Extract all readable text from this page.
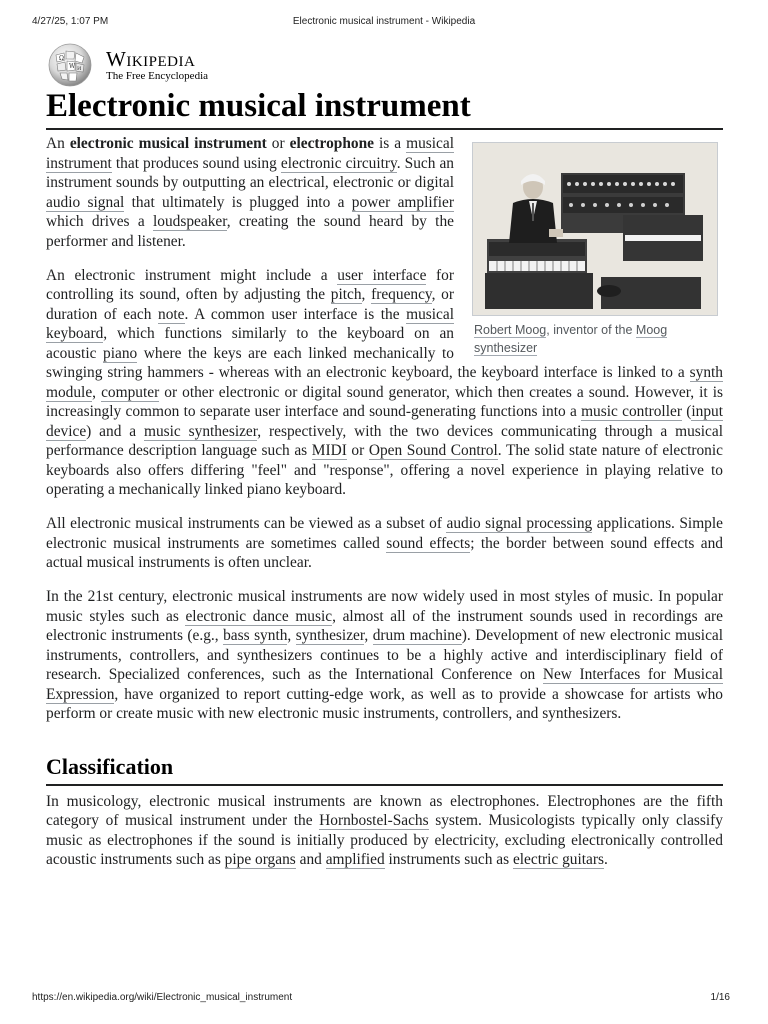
4/27/25, 1:07 PM	Electronic musical instrument - Wikipedia
Ω
W И Wikipedia
The Free Encyclopedia
Electronic musical instrument
Robert Moog, inventor of the Moog synthesizer

An electronic musical instrument or electrophone is a musical instrument that produces sound using electronic circuitry. Such an instrument sounds by outputting an electrical, electronic or digital audio signal that ultimately is plugged into a power amplifier which drives a loudspeaker, creating the sound heard by the performer and listener.

An electronic instrument might include a user interface for controlling its sound, often by adjusting the pitch, frequency, or duration of each note. A common user interface is the musical keyboard, which functions similarly to the keyboard on an acoustic piano where the keys are each linked mechanically to swinging string hammers - whereas with an electronic keyboard, the keyboard interface is linked to a synth module, computer or other electronic or digital sound generator, which then creates a sound. However, it is increasingly common to separate user interface and sound-generating functions into a music controller (input device) and a music synthesizer, respectively, with the two devices communicating through a musical performance description language such as MIDI or Open Sound Control. The solid state nature of electronic keyboards also offers differing "feel" and "response", offering a novel experience in playing relative to operating a mechanically linked piano keyboard.

All electronic musical instruments can be viewed as a subset of audio signal processing applications. Simple electronic musical instruments are sometimes called sound effects; the border between sound effects and actual musical instruments is often unclear.

In the 21st century, electronic musical instruments are now widely used in most styles of music. In popular music styles such as electronic dance music, almost all of the instrument sounds used in recordings are electronic instruments (e.g., bass synth, synthesizer, drum machine). Development of new electronic musical instruments, controllers, and synthesizers continues to be a highly active and interdisciplinary field of research. Specialized conferences, such as the International Conference on New Interfaces for Musical Expression, have organized to report cutting-edge work, as well as to provide a showcase for artists who perform or create music with new electronic music instruments, controllers, and synthesizers.

Classification

In musicology, electronic musical instruments are known as electrophones. Electrophones are the fifth category of musical instrument under the Hornbostel-Sachs system. Musicologists typically only classify music as electrophones if the sound is initially produced by electricity, excluding electronically controlled acoustic instruments such as pipe organs and amplified instruments such as electric guitars.

https://en.wikipedia.org/wiki/Electronic_musical_instrument	1/16
